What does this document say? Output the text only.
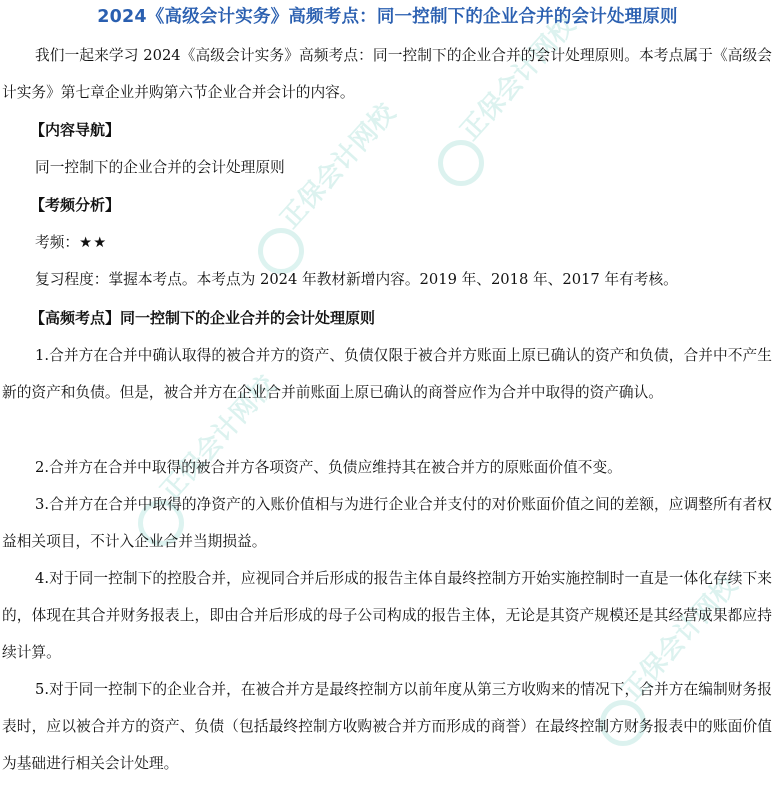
正保会计网校
正保会计网校
正保会计网校
正保会计网校
2024《高级会计实务》高频考点：同一控制下的企业合并的会计处理原则

我们一起来学习 2024《高级会计实务》高频考点：同一控制下的企业合并的会计处理原则。本考点属于《高级会计实务》第七章企业并购第六节企业合并会计的内容。

【内容导航】
同一控制下的企业合并的会计处理原则
【考频分析】
考频：★★
复习程度：掌握本考点。本考点为 2024 年教材新增内容。2019 年、2018 年、2017 年有考核。
【高频考点】同一控制下的企业合并的会计处理原则

1.合并方在合并中确认取得的被合并方的资产、负债仅限于被合并方账面上原已确认的资产和负债，合并中不产生新的资产和负债。但是，被合并方在企业合并前账面上原已确认的商誉应作为合并中取得的资产确认。

2.合并方在合并中取得的被合并方各项资产、负债应维持其在被合并方的原账面价值不变。

3.合并方在合并中取得的净资产的入账价值相与为进行企业合并支付的对价账面价值之间的差额，应调整所有者权益相关项目，不计入企业合并当期损益。

4.对于同一控制下的控股合并，应视同合并后形成的报告主体自最终控制方开始实施控制时一直是一体化存续下来的，体现在其合并财务报表上，即由合并后形成的母子公司构成的报告主体，无论是其资产规模还是其经营成果都应持续计算。

5.对于同一控制下的企业合并，在被合并方是最终控制方以前年度从第三方收购来的情况下，合并方在编制财务报表时，应以被合并方的资产、负债（包括最终控制方收购被合并方而形成的商誉）在最终控制方财务报表中的账面价值为基础进行相关会计处理。
